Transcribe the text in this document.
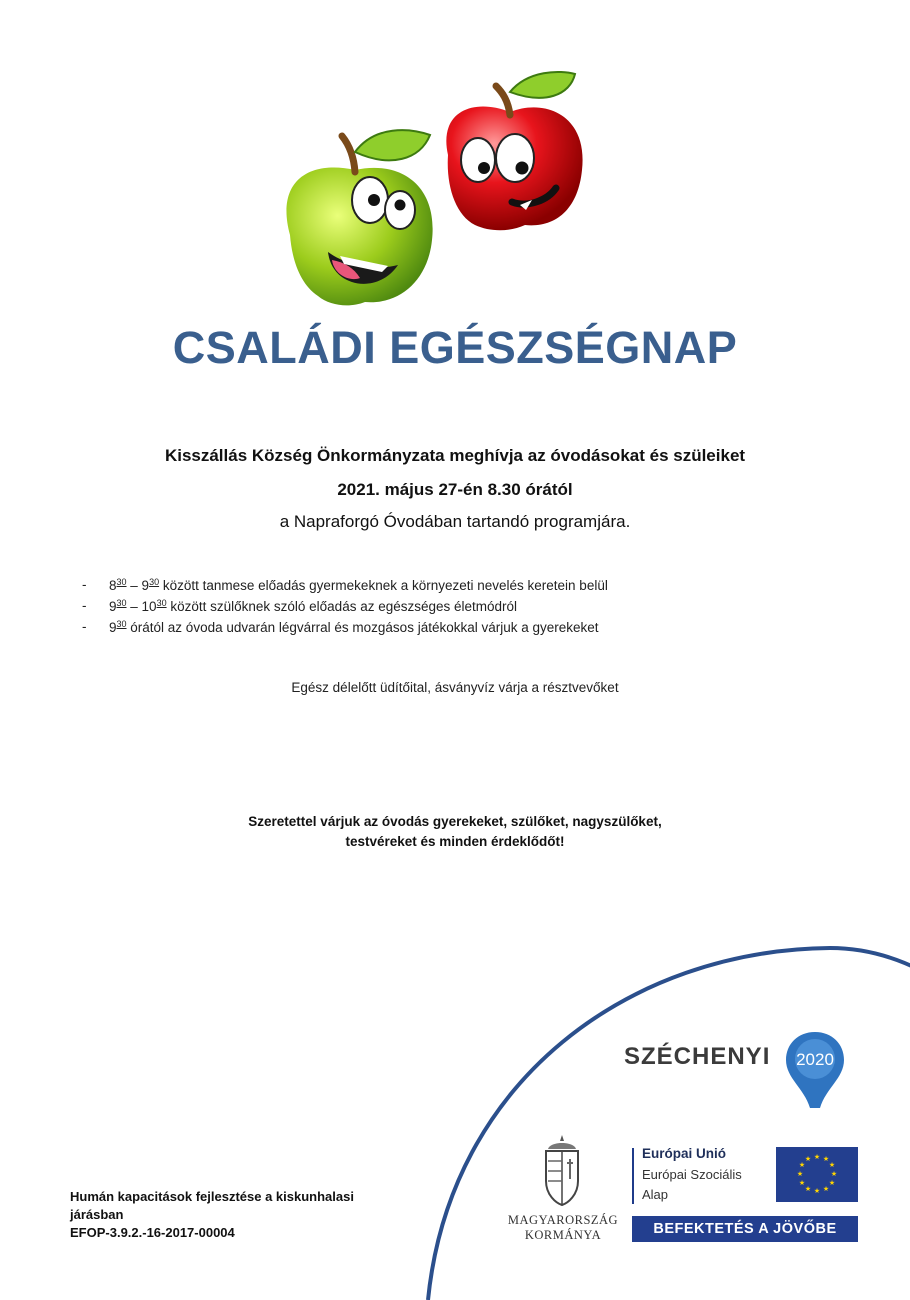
CSALÁDI EGÉSZSÉGNAP
Kisszállás Község Önkormányzata meghívja az óvodásokat és szüleiket
2021. május 27-én 8.30 órától
a Napraforgó Óvodában tartandó programjára.
- $8^{30} - 9^{30}$ között tanmese előadás gyermekeknek a környezeti nevelés keretein belül
- $9^{30} - 10^{30}$ között szülőknek szóló előadás az egészséges életmódról
- $9^{30}$ órától az óvoda udvarán légvárral és mozgásos játékokkal várjuk a gyerekeket
Egész délelőtt üdítőital, ásványvíz várja a résztvevőket
Szeretettel várjuk az óvodás gyerekeket, szülőket, nagyszülőket,
testvéreket és minden érdeklődőt!
SZÉCHENYI 2020
MAGYARORSZÁG
KORMÁNYA
Európai Unió
Európai Szociális
Alap
★ ★
★
★
★
★
★
★
★
★
★
★
BEFEKTETÉS A JÖVŐBE
Humán kapacitások fejlesztése a kiskunhalasi
járásban
EFOP-3.9.2.-16-2017-00004
